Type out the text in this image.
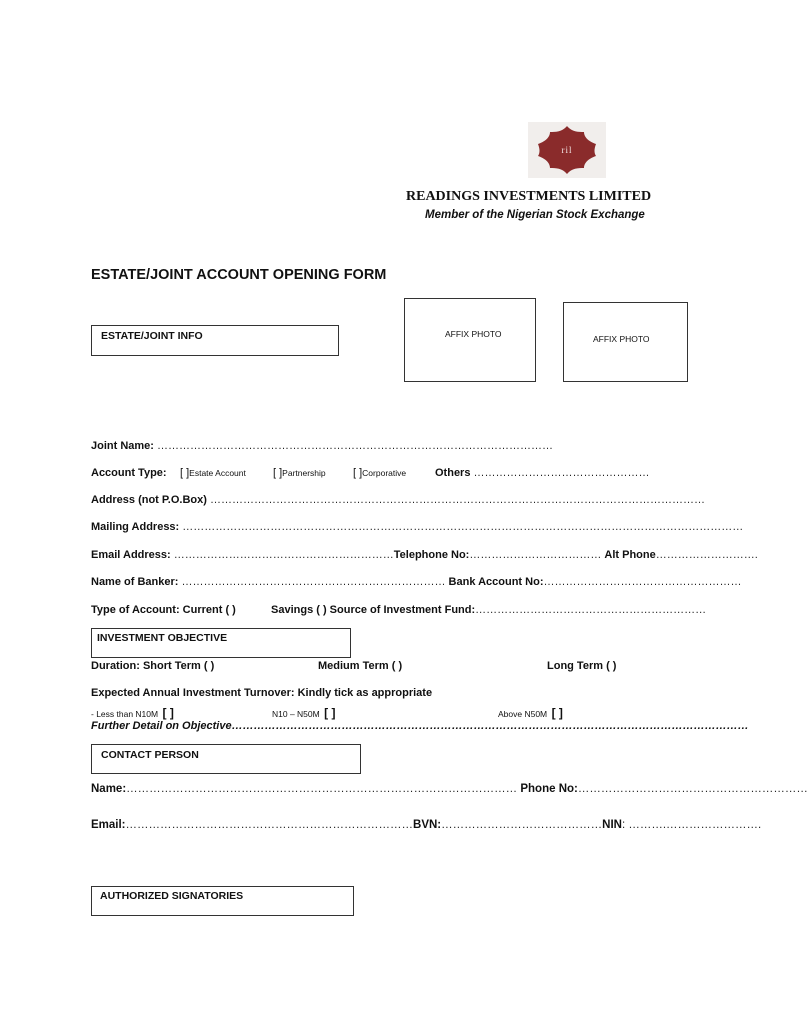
ril
READINGS INVESTMENTS LIMITED
Member of the Nigerian Stock Exchange
ESTATE/JOINT ACCOUNT OPENING FORM
ESTATE/JOINT INFO	AFFIX PHOTO	AFFIX PHOTO
Joint Name: ………………………………………………………………………………………………
Account Type: [ ]Estate Account [ ]Partnership [ ]Corporative	Others …………………………………………
Address (not P.O.Box) ………………………………………………………………………………………………………………………
Mailing Address: ………………………………………………………………………………………………………………………………………
Email Address: ……………………………………………………Telephone No:……………………………… Alt Phone……………………….
Name of Banker: ……………………………………………………………… Bank Account No:………………………………………………
Type of Account: Current ( )	Savings ( ) Source of Investment Fund:………………………………………………………
INVESTMENT OBJECTIVE
Duration: Short Term ( )	Medium Term ( )	Long Term ( )
Expected Annual Investment Turnover: Kindly tick as appropriate
- Less than N10M [ ]	N10 – N50M [ ]	Above N50M [ ]
Further Detail on Objective……………………………………………………………………………………………………………………………
CONTACT PERSON
Name:………………………………………………………………………………………… Phone No:……………………………………………………
Email:…………………………………………………………………BVN:……………………………………NIN: ……….…………………….
AUTHORIZED SIGNATORIES
